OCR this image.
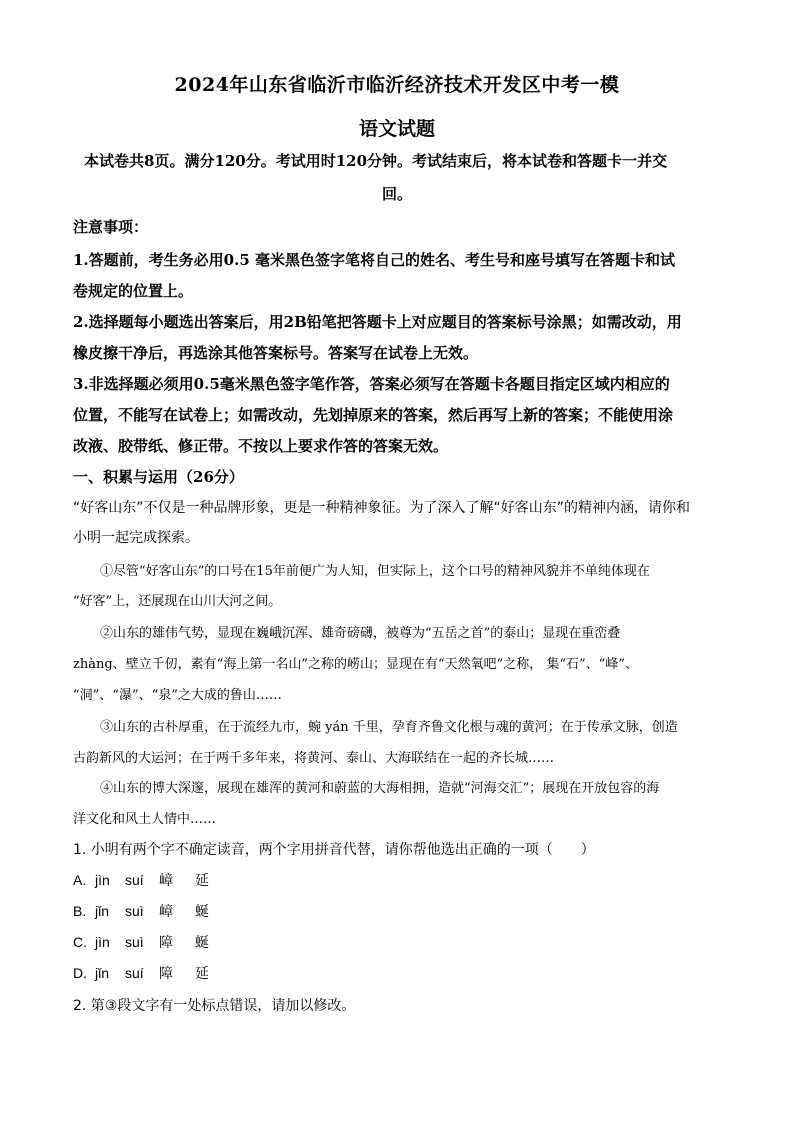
2024年山东省临沂市临沂经济技术开发区中考一模
语文试题
本试卷共8页。满分120分。考试用时120分钟。考试结束后，将本试卷和答题卡一并交
回。
注意事项：
1.答题前，考生务必用0.5 毫米黑色签字笔将自己的姓名、考生号和座号填写在答题卡和试
卷规定的位置上。
2.选择题每小题选出答案后，用2B铅笔把答题卡上对应题目的答案标号涂黑；如需改动，用
橡皮擦干净后，再选涂其他答案标号。答案写在试卷上无效。
3.非选择题必须用0.5毫米黑色签字笔作答，答案必须写在答题卡各题目指定区域内相应的
位置，不能写在试卷上；如需改动，先划掉原来的答案，然后再写上新的答案；不能使用涂
改液、胶带纸、修正带。不按以上要求作答的答案无效。
一、积累与运用（26分）
“好客山东”不仅是一种品牌形象，更是一种精神象征。为了深入了解“好客山东”的精神内涵，请你和
小明一起完成探索。
①尽管“好客山东”的口号在15年前便广为人知，但实际上，这个口号的精神风貌并不单纯体现在
“好客”上，还展现在山川大河之间。
②山东的雄伟气势，显现在巍峨沉浑、雄奇磅礴，被尊为“五岳之首”的泰山；显现在重峦叠
zhàng、壁立千仞，素有“海上第一名山”之称的崂山；显现在有“天然氧吧”之称， 集“石”、“峰”、
“洞”、“瀑”、“泉”之大成的鲁山……
③山东的古朴厚重，在于流经九市，蜿 yán 千里，孕育齐鲁文化根与魂的黄河；在于传承文脉，创造
古韵新风的大运河；在于两千多年来，将黄河、泰山、大海联结在一起的齐长城……
④山东的博大深邃，展现在雄浑的黄河和蔚蓝的大海相拥，造就“河海交汇”；展现在开放包容的海
洋文化和风土人情中……
1. 小明有两个字不确定读音，两个字用拼音代替，请你帮他选出正确的一项（　　）
A. jìn suí 嶂 延
B. jǐn suì 嶂 蜒
C. jìn suì 障 蜒
D. jǐn suí 障 延
2. 第③段文字有一处标点错误，请加以修改。
